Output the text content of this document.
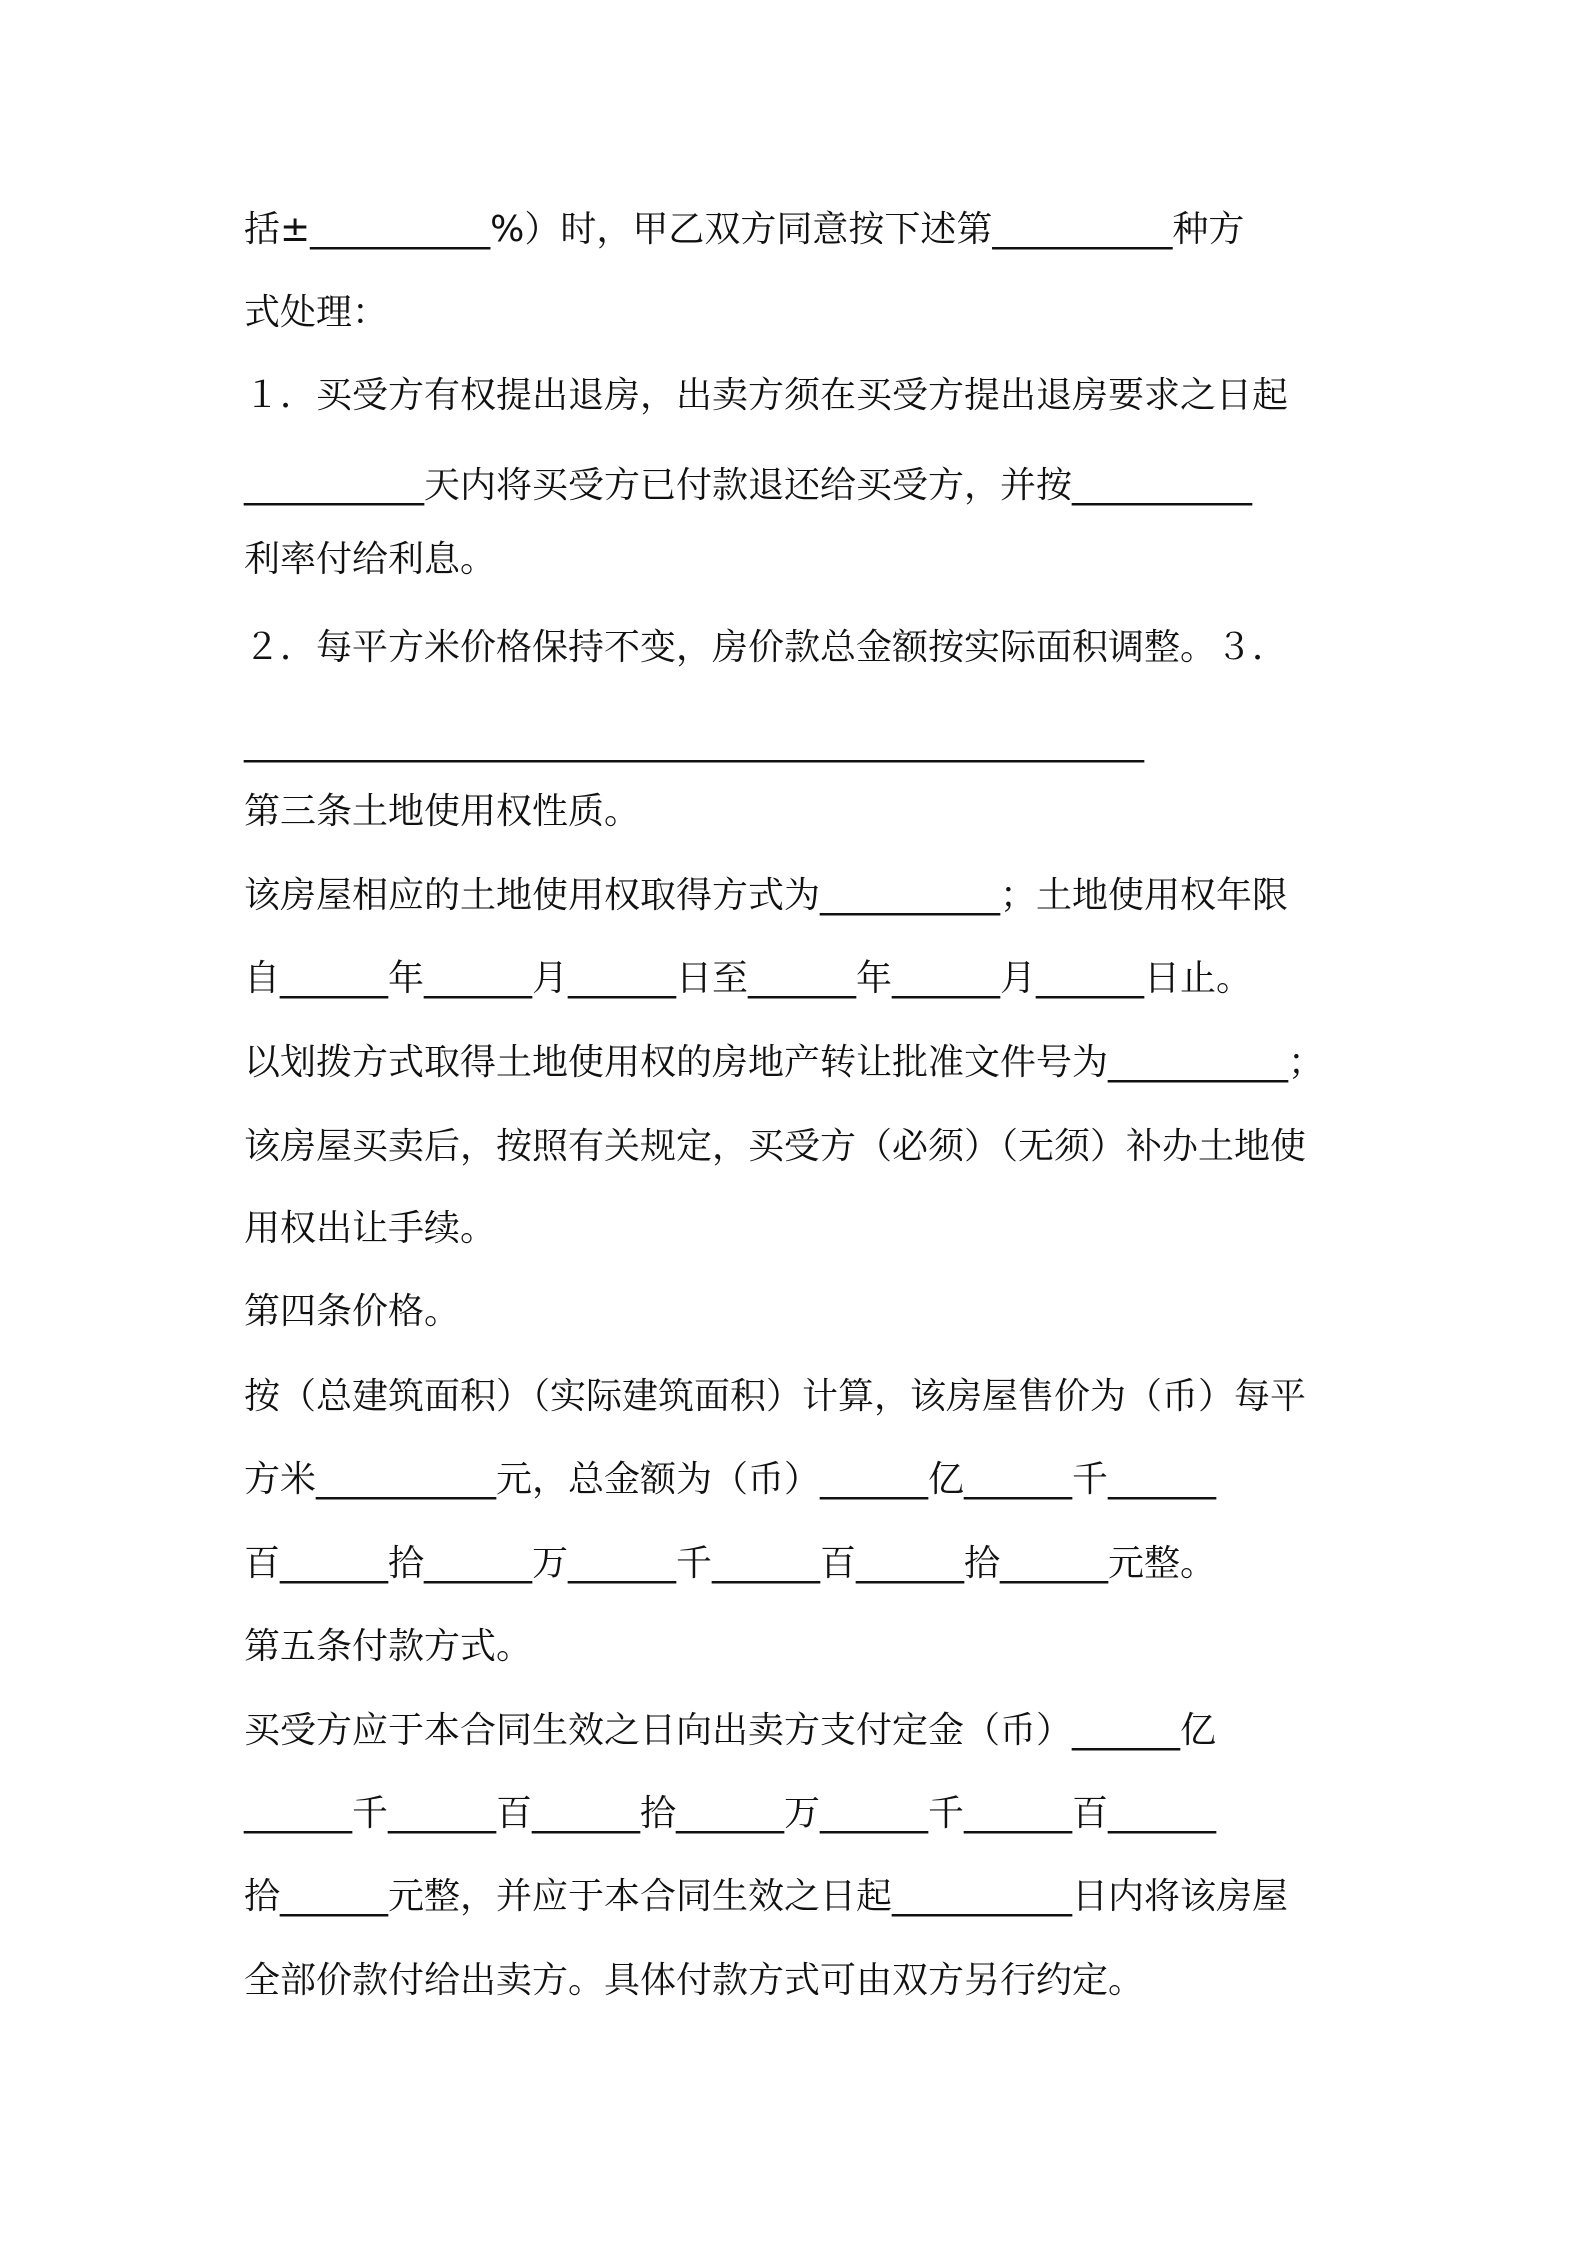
括±__________%）时，甲乙双方同意按下述第__________种方
式处理：
１．买受方有权提出退房，出卖方须在买受方提出退房要求之日起
__________天内将买受方已付款退还给买受方，并按__________
利率付给利息。
２．每平方米价格保持不变，房价款总金额按实际面积调整。３．
__________________________________________________
第三条土地使用权性质。
该房屋相应的土地使用权取得方式为__________；土地使用权年限
自______年______月______日至______年______月______日止。
以划拨方式取得土地使用权的房地产转让批准文件号为__________；
该房屋买卖后，按照有关规定，买受方（必须）（无须）补办土地使
用权出让手续。
第四条价格。
按（总建筑面积）（实际建筑面积）计算，该房屋售价为（币）每平
方米__________元，总金额为（币）______亿______千______
百______拾______万______千______百______拾______元整。
第五条付款方式。
买受方应于本合同生效之日向出卖方支付定金（币）______亿
______千______百______拾______万______千______百______
拾______元整，并应于本合同生效之日起__________日内将该房屋
全部价款付给出卖方。具体付款方式可由双方另行约定。
